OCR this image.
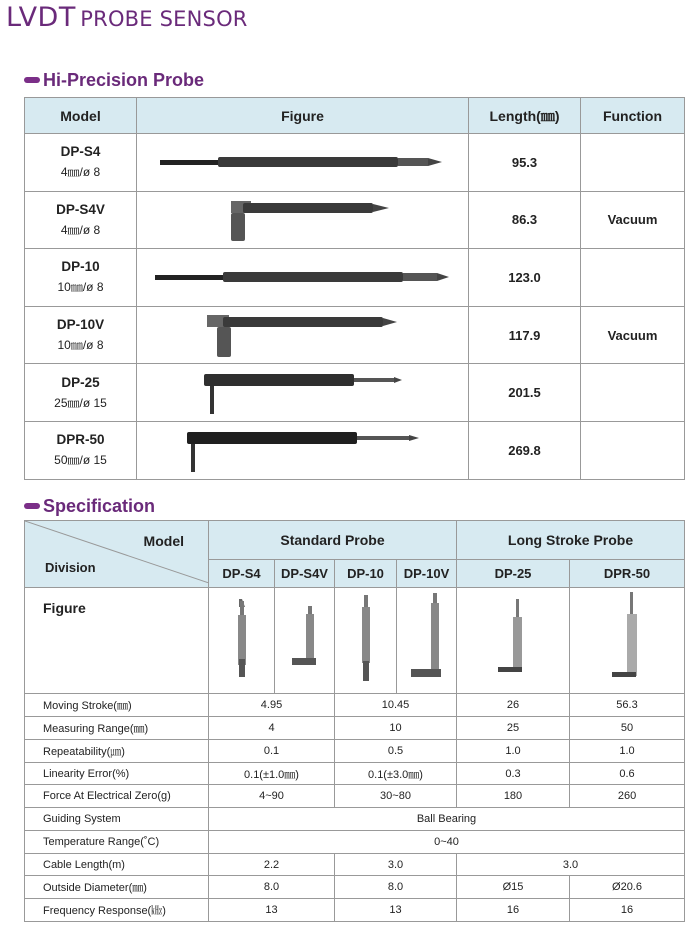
LVDT PROBE SENSOR
Hi-Precision Probe
Model	Figure	Length(㎜)	Function

DP-S4
4㎜/ø 8		95.3	

DP-S4V
4㎜/ø 8		86.3	Vacuum

DP-10
10㎜/ø 8		123.0	

DP-10V
10㎜/ø 8		117.9	Vacuum

DP-25
25㎜/ø 15		201.5	

DPR-50
50㎜/ø 15		269.8	
Specification
Model
Division	Standard Probe				Long Stroke Probe	
	DP-S4	DP-S4V	DP-10	DP-10V	DP-25	DPR-50
Figure						
Moving Stroke(㎜)	4.95		10.45		26	56.3
Measuring Range(㎜)	4		10		25	50
Repeatability(㎛)	0.1		0.5		1.0	1.0
Linearity Error(%)	0.1(±1.0㎜)		0.1(±3.0㎜)		0.3	0.6
Force At Electrical Zero(g)	4~90		30~80		180	260
Guiding System	Ball Bearing					
Temperature Range(˚C)	0~40					
Cable Length(m)	2.2		3.0		3.0	
Outside Diameter(㎜)	8.0		8.0		Ø15	Ø20.6
Frequency Response(㎑)	13		13		16	16
